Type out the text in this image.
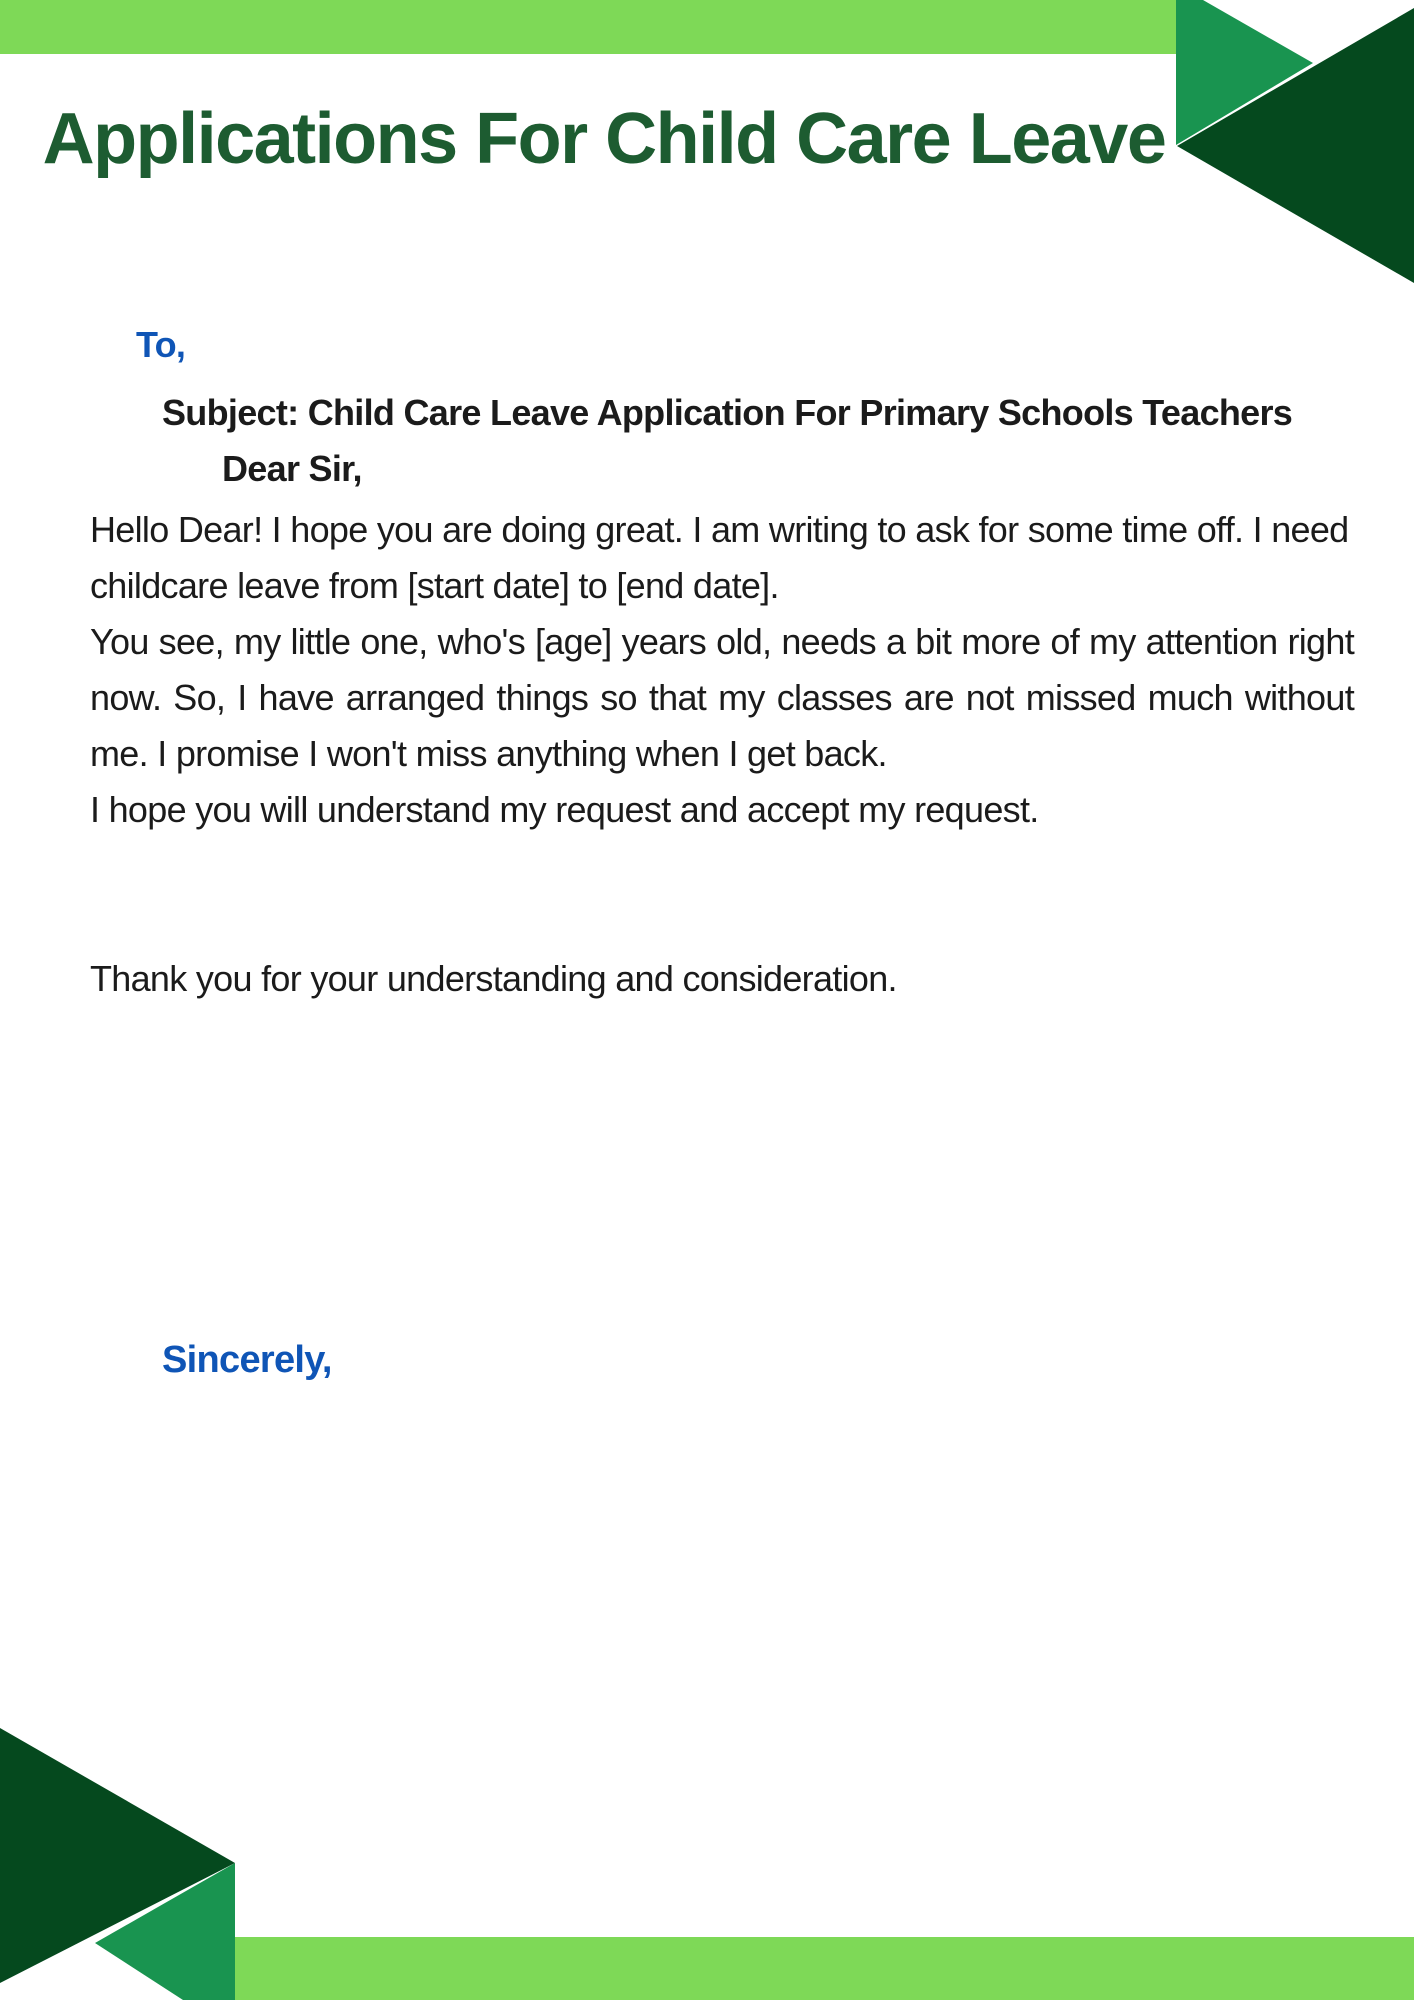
Applications For Child Care Leave

To,

Subject: Child Care Leave Application For Primary Schools Teachers

Dear Sir,

Hello Dear! I hope you are doing great. I am writing to ask for some time off. I need childcare leave from [start date] to [end date].

You see, my little one, who's [age] years old, needs a bit more of my attention right now. So, I have arranged things so that my classes are not missed much without me. I promise I won't miss anything when I get back.

I hope you will understand my request and accept my request.

Thank you for your understanding and consideration.

Sincerely,
